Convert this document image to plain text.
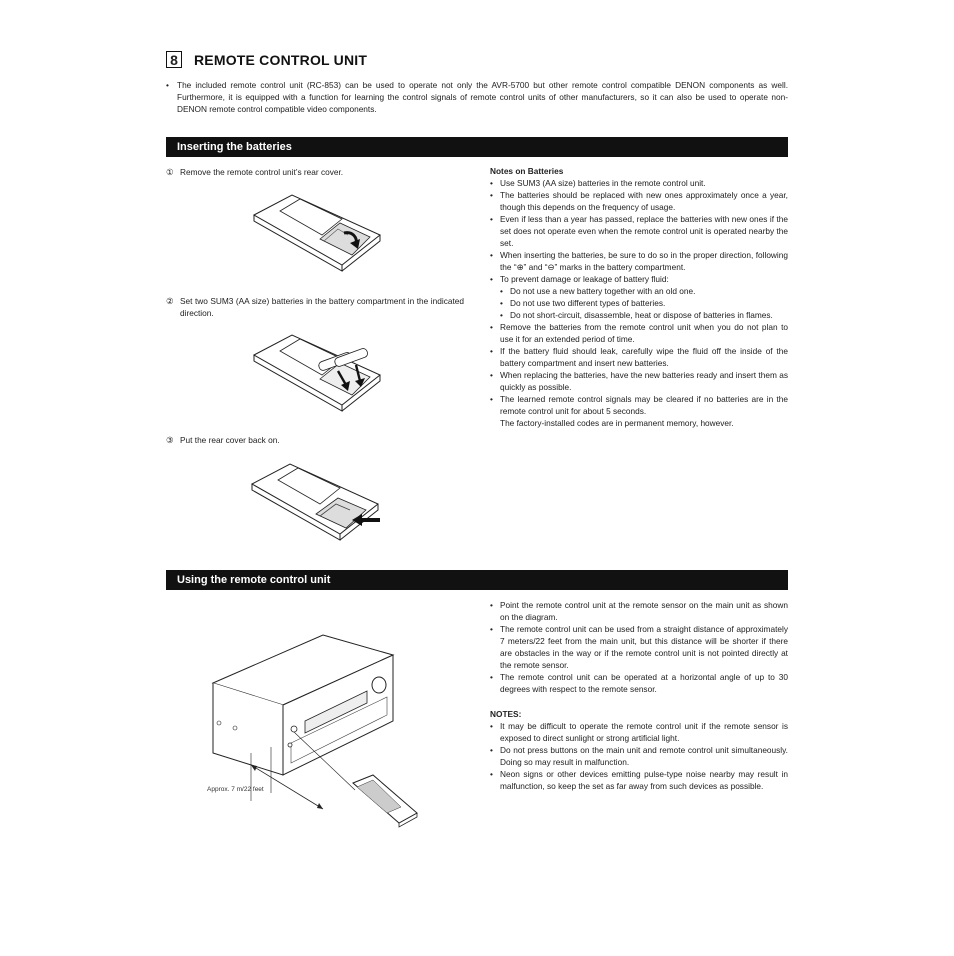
8 REMOTE CONTROL UNIT
• The included remote control unit (RC-853) can be used to operate not only the AVR-5700 but other remote control compatible DENON components as well. Furthermore, it is equipped with a function for learning the control signals of remote control units of other manufacturers, so it can also be used to operate non-DENON remote control compatible video components.
Inserting the batteries
① Remove the remote control unit’s rear cover.
② Set two SUM3 (AA size) batteries in the battery compartment in the indicated direction.
③ Put the rear cover back on.
Notes on Batteries
• Use SUM3 (AA size) batteries in the remote control unit.
• The batteries should be replaced with new ones approximately once a year, though this depends on the frequency of usage.
• Even if less than a year has passed, replace the batteries with new ones if the set does not operate even when the remote control unit is operated nearby the set.
• When inserting the batteries, be sure to do so in the proper direction, following the “⊕” and “⊖” marks in the battery compartment.
• To prevent damage or leakage of battery fluid:
• Do not use a new battery together with an old one.
• Do not use two different types of batteries.
• Do not short-circuit, disassemble, heat or dispose of batteries in flames.
• Remove the batteries from the remote control unit when you do not plan to use it for an extended period of time.
• If the battery fluid should leak, carefully wipe the fluid off the inside of the battery compartment and insert new batteries.
• When replacing the batteries, have the new batteries ready and insert them as quickly as possible.
• The learned remote control signals may be cleared if no batteries are in the remote control unit for about 5 seconds.
The factory-installed codes are in permanent memory, however.
Using the remote control unit
Approx. 7 m/22 feet
• Point the remote control unit at the remote sensor on the main unit as shown on the diagram.
• The remote control unit can be used from a straight distance of approximately 7 meters/22 feet from the main unit, but this distance will be shorter if there are obstacles in the way or if the remote control unit is not pointed directly at the remote sensor.
• The remote control unit can be operated at a horizontal angle of up to 30 degrees with respect to the remote sensor.
NOTES:
• It may be difficult to operate the remote control unit if the remote sensor is exposed to direct sunlight or strong artificial light.
• Do not press buttons on the main unit and remote control unit simultaneously. Doing so may result in malfunction.
• Neon signs or other devices emitting pulse-type noise nearby may result in malfunction, so keep the set as far away from such devices as possible.
